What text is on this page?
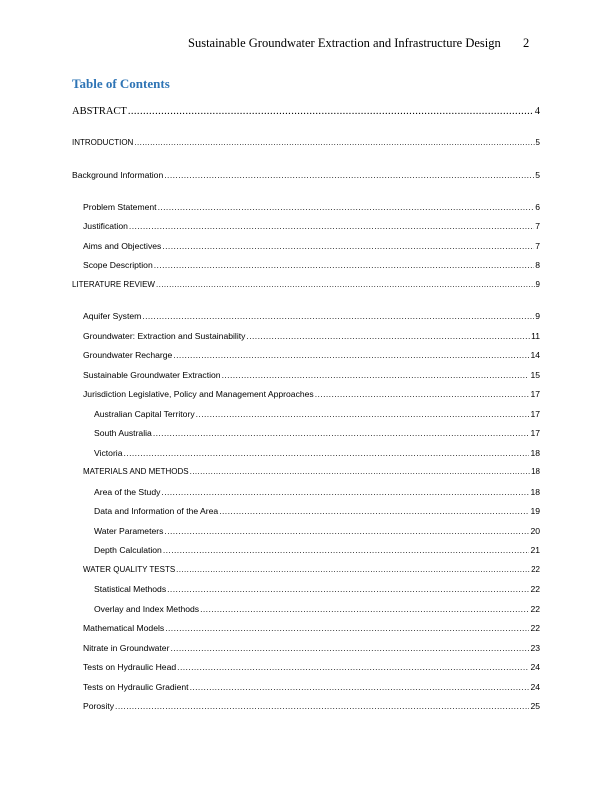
Sustainable Groundwater Extraction and Infrastructure Design 2
Table of Contents
ABSTRACT .....	4
INTRODUCTION .....	5
Background Information .....	5
Problem Statement .....	6
Justification .....	7
Aims and Objectives .....	7
Scope Description .....	8
LITERATURE REVIEW .....	9
Aquifer System .....	9
Groundwater: Extraction and Sustainability .....	11
Groundwater Recharge .....	14
Sustainable Groundwater Extraction .....	15
Jurisdiction Legislative, Policy and Management Approaches .....	17
Australian Capital Territory .....	17
South Australia .....	17
Victoria .....	18
MATERIALS AND METHODS .....	18
Area of the Study .....	18
Data and Information of the Area .....	19
Water Parameters .....	20
Depth Calculation .....	21
WATER QUALITY TESTS .....	22
Statistical Methods .....	22
Overlay and Index Methods .....	22
Mathematical Models .....	22
Nitrate in Groundwater .....	23
Tests on Hydraulic Head .....	24
Tests on Hydraulic Gradient .....	24
Porosity .....	25
